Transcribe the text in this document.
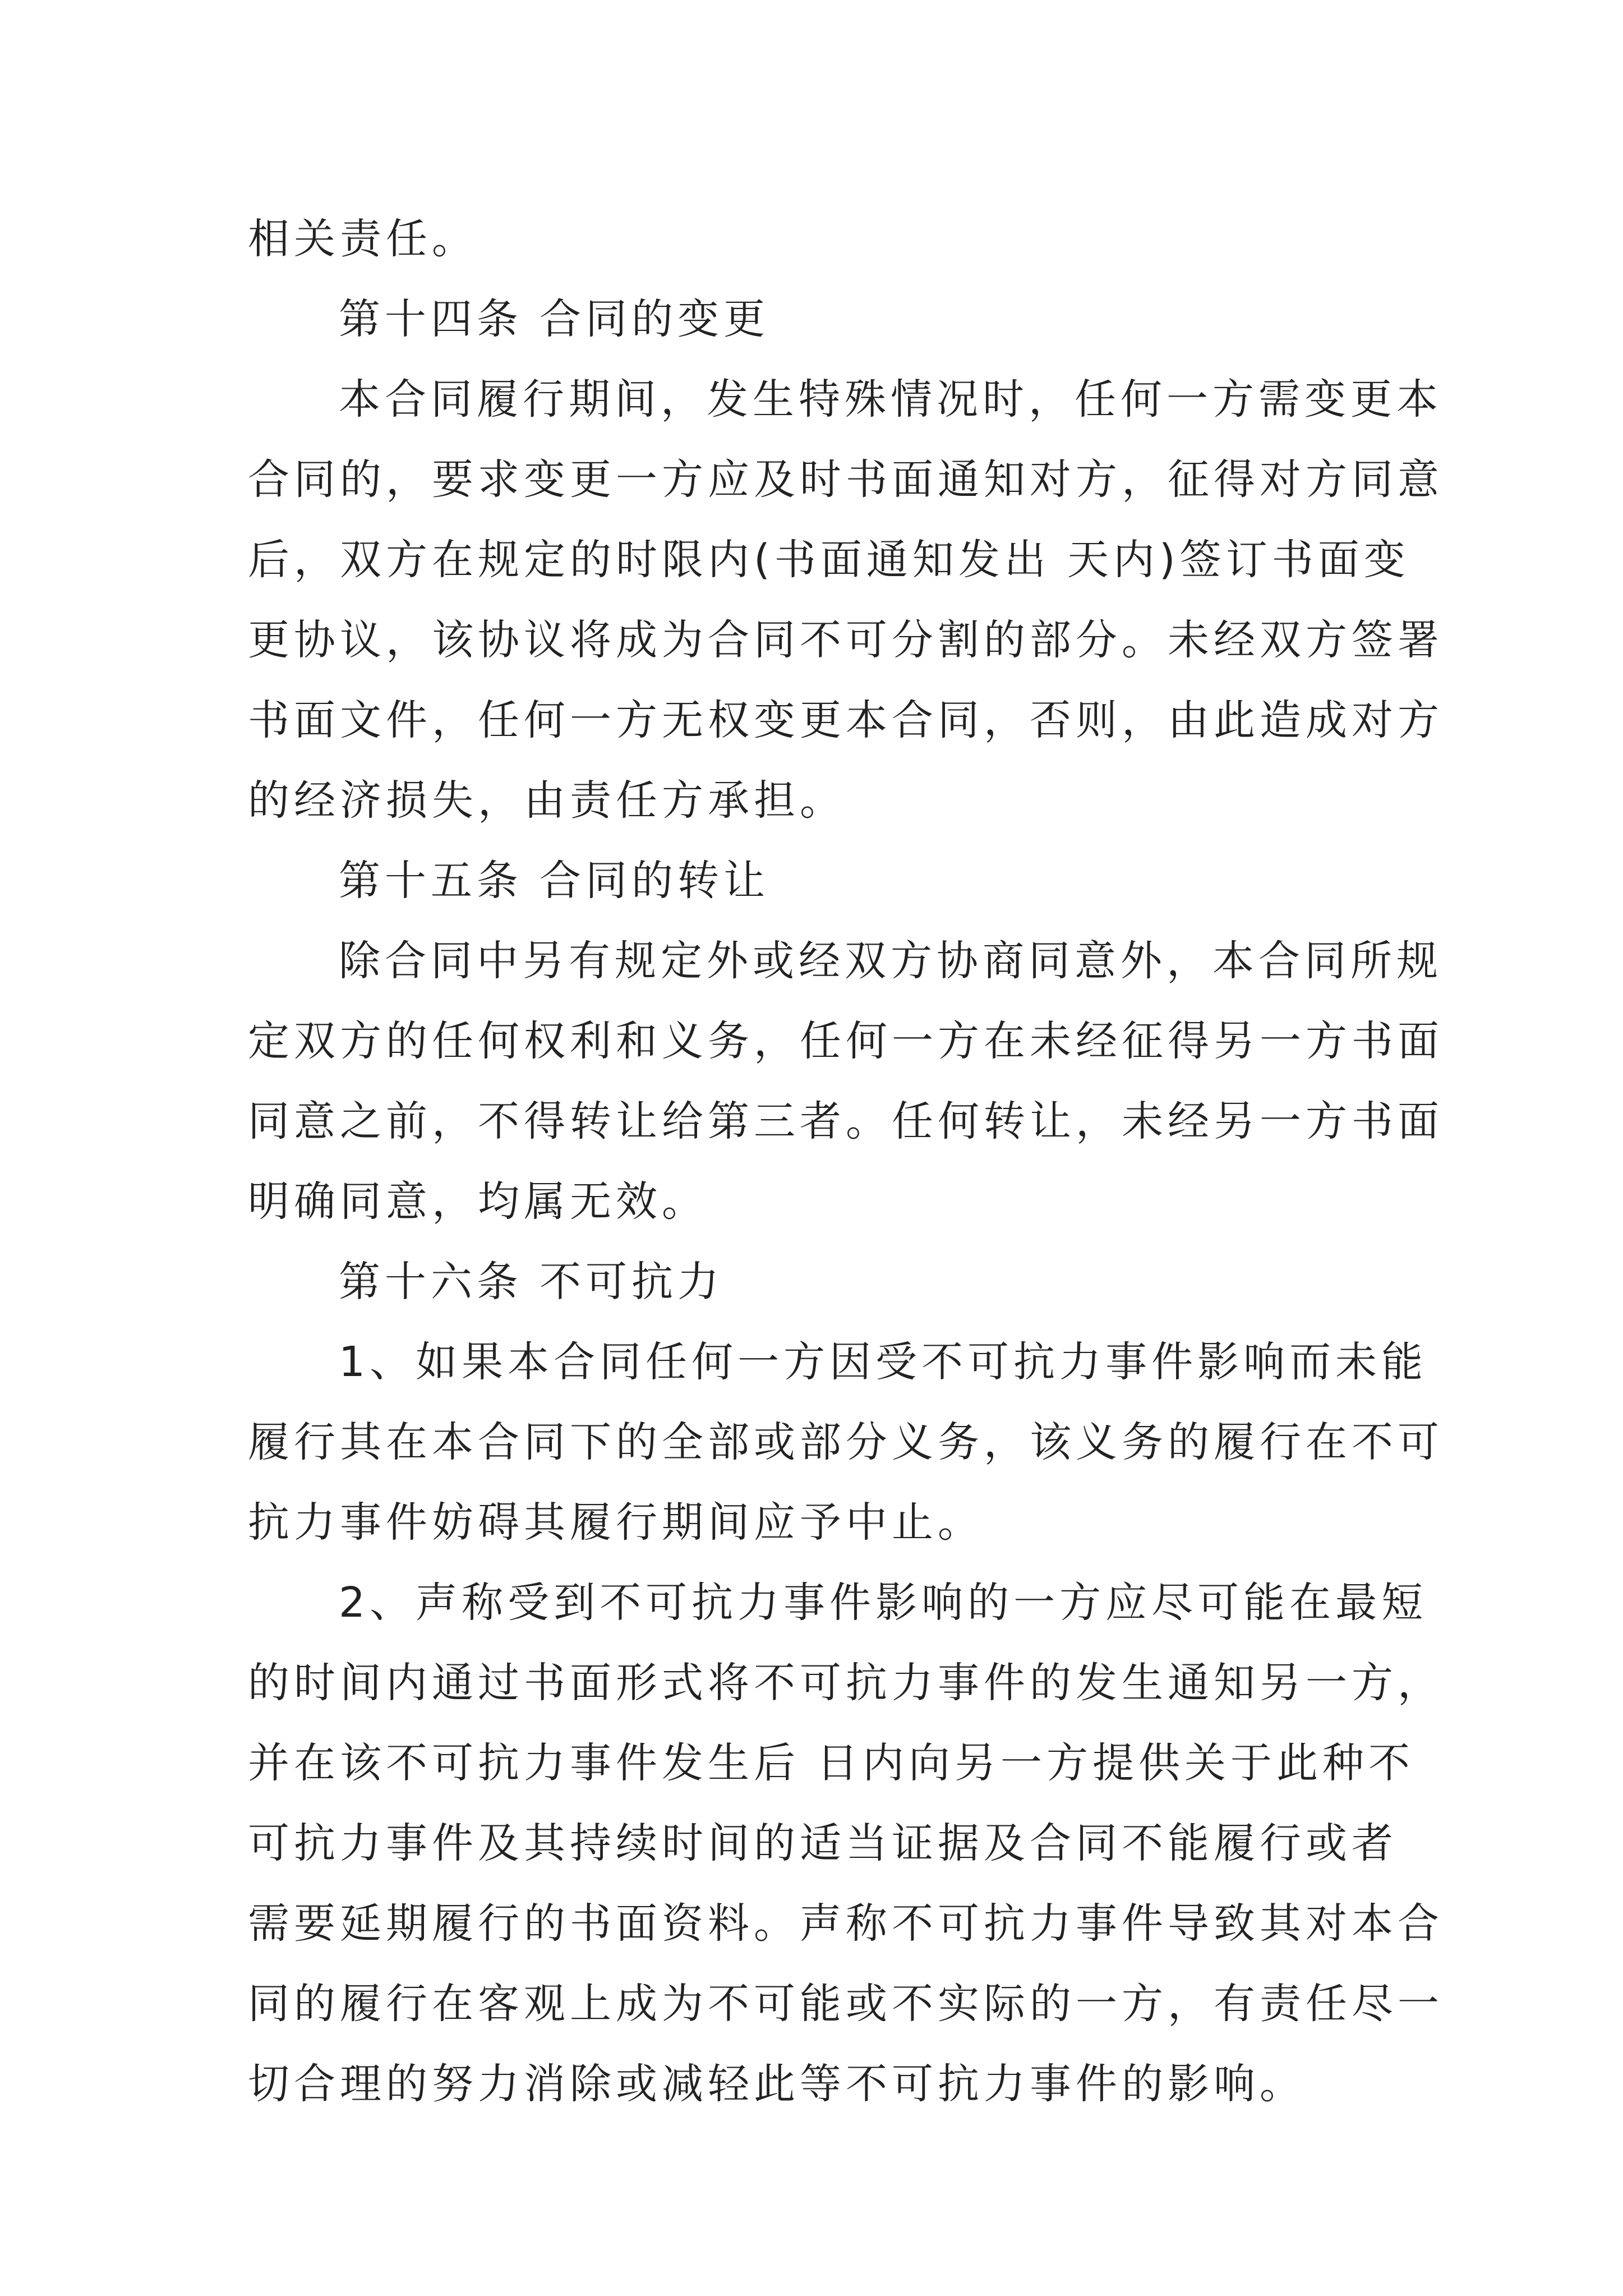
相关责任。
第十四条 合同的变更
本合同履行期间，发生特殊情况时，任何一方需变更本
合同的，要求变更一方应及时书面通知对方，征得对方同意
后，双方在规定的时限内(书面通知发出 天内)签订书面变
更协议，该协议将成为合同不可分割的部分。未经双方签署
书面文件，任何一方无权变更本合同，否则，由此造成对方
的经济损失，由责任方承担。
第十五条 合同的转让
除合同中另有规定外或经双方协商同意外，本合同所规
定双方的任何权利和义务，任何一方在未经征得另一方书面
同意之前，不得转让给第三者。任何转让，未经另一方书面
明确同意，均属无效。
第十六条 不可抗力
1、如果本合同任何一方因受不可抗力事件影响而未能
履行其在本合同下的全部或部分义务，该义务的履行在不可
抗力事件妨碍其履行期间应予中止。
2、声称受到不可抗力事件影响的一方应尽可能在最短
的时间内通过书面形式将不可抗力事件的发生通知另一方，
并在该不可抗力事件发生后 日内向另一方提供关于此种不
可抗力事件及其持续时间的适当证据及合同不能履行或者
需要延期履行的书面资料。声称不可抗力事件导致其对本合
同的履行在客观上成为不可能或不实际的一方，有责任尽一
切合理的努力消除或减轻此等不可抗力事件的影响。
